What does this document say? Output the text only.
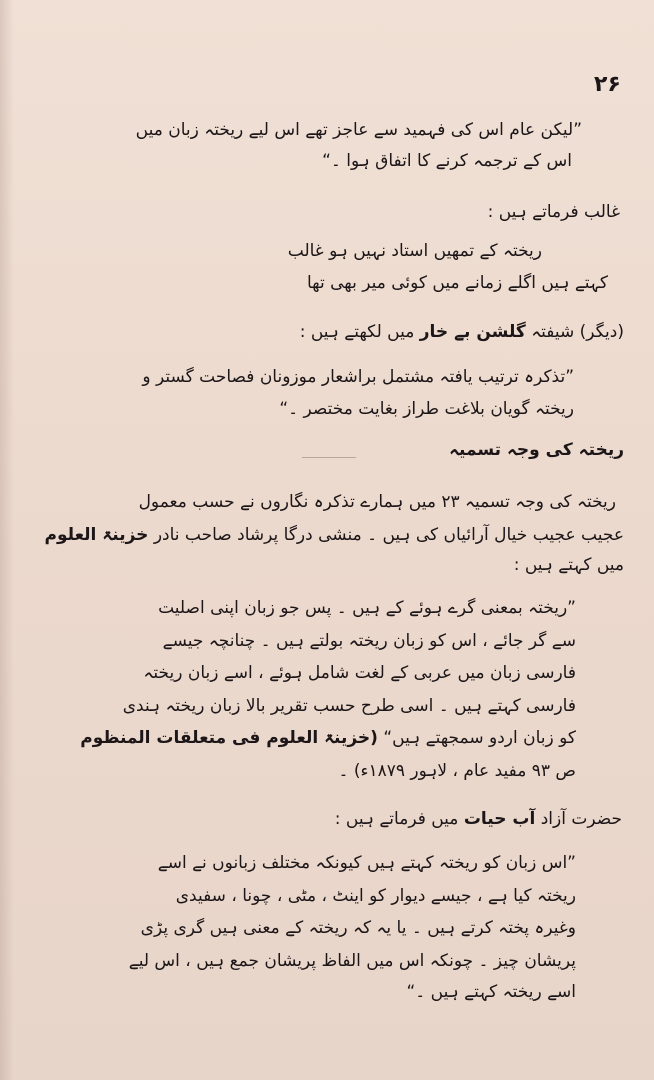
۲۶
”لیکن عام اس کی فہمید سے عاجز تھے اس لیے ریختہ زبان میں
اس کے ترجمہ کرنے کا اتفاق ہوا ۔“
غالب فرماتے ہیں :
ریختہ کے تمھیں استاد نہیں ہو غالب
کہتے ہیں اگلے زمانے میں کوئی میر بھی تھا
(دیگر) شیفتہ گلشن بے خار میں لکھتے ہیں :
”تذکرہ ترتیب یافتہ مشتمل براشعار موزونان فصاحت گستر و
ریختہ گویان بلاغت طراز بغایت مختصر ۔“
ریختہ کی وجہ تسمیہ
ریختہ کی وجہ تسمیہ ۲۳ میں ہمارے تذکرہ نگاروں نے حسب معمول
عجیب عجیب خیال آرائیاں کی ہیں ۔ منشی درگا پرشاد صاحب نادر خزینۃ العلوم
میں کہتے ہیں :
”ریختہ بمعنی گرے ہوئے کے ہیں ۔ پس جو زبان اپنی اصلیت
سے گر جائے ، اس کو زبان ریختہ بولتے ہیں ۔ چنانچہ جیسے
فارسی زبان میں عربی کے لغت شامل ہوئے ، اسے زبان ریختہ
فارسی کہتے ہیں ۔ اسی طرح حسب تقریر بالا زبان ریختہ ہندی
کو زبان اردو سمجھتے ہیں“ (خزینۃ العلوم فی متعلقات المنظوم
ص ۹۳ مفید عام ، لاہور ۱۸۷۹ء) ۔
حضرت آزاد آب حیات میں فرماتے ہیں :
”اس زبان کو ریختہ کہتے ہیں کیونکہ مختلف زبانوں نے اسے
ریختہ کیا ہے ، جیسے دیوار کو اینٹ ، مٹی ، چونا ، سفیدی
وغیرہ پختہ کرتے ہیں ۔ یا یہ کہ ریختہ کے معنی ہیں گری پڑی
پریشان چیز ۔ چونکہ اس میں الفاظ پریشان جمع ہیں ، اس لیے
اسے ریختہ کہتے ہیں ۔“
